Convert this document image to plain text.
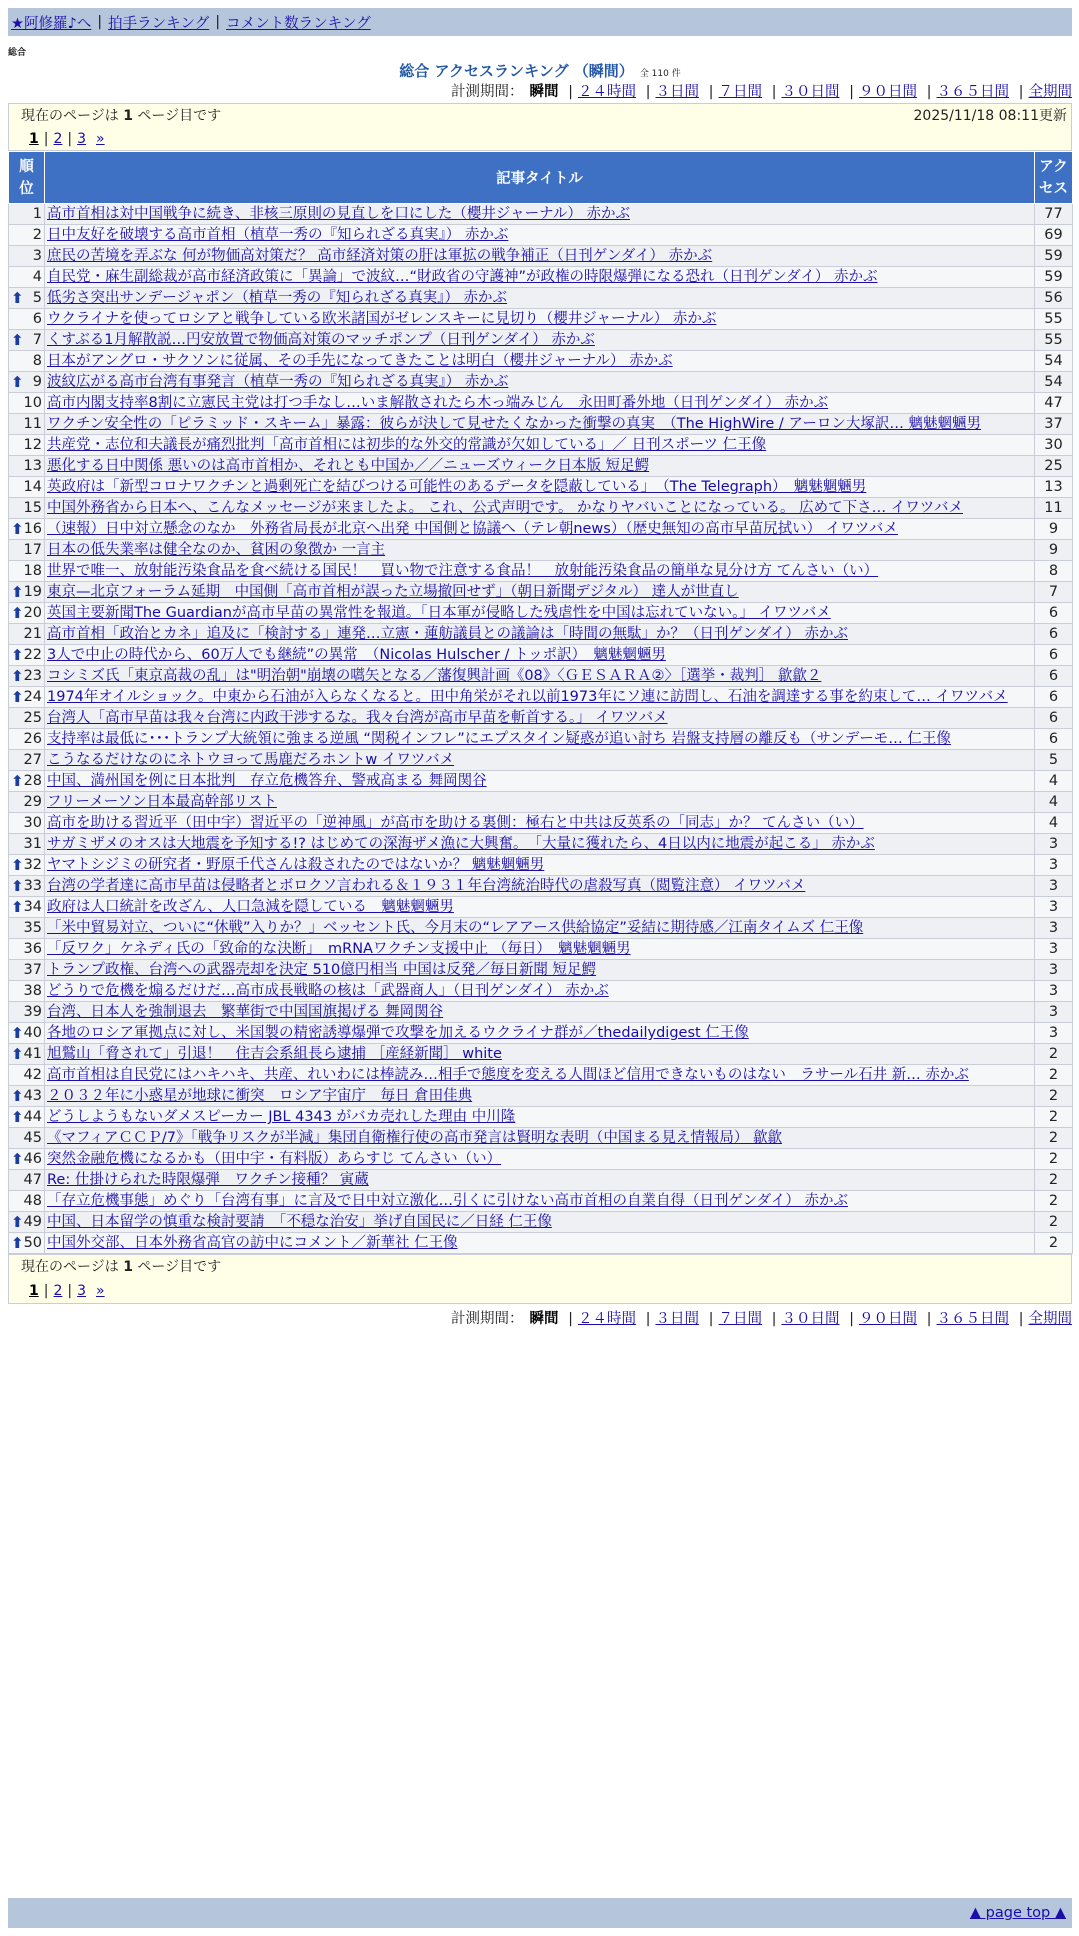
★阿修羅♪へ | 拍手ランキング | コメント数ランキング
総合
総合 アクセスランキング （瞬間） 全 110 件
計測期間： 瞬間 | ２４時間 | ３日間 | ７日間 | ３０日間 | ９０日間 | ３６５日間 | 全期間
現在のページは 1 ページ目です	2025/11/18 08:11更新
1 | 2 | 3 »
順位	記事タイトル	アクセス

1	高市首相は対中国戦争に続き、非核三原則の見直しを口にした（櫻井ジャーナル） 赤かぶ	77

2	日中友好を破壊する高市首相（植草一秀の『知られざる真実』） 赤かぶ	69

3	庶民の苦境を弄ぶな 何が物価高対策だ？ 高市経済対策の肝は軍拡の戦争補正（日刊ゲンダイ） 赤かぶ	59

4	自民党・麻生副総裁が高市経済政策に「異論」で波紋…“財政省の守護神”が政権の時限爆弾になる恐れ（日刊ゲンダイ） 赤かぶ	59

⬆ 5	低劣さ突出サンデージャポン（植草一秀の『知られざる真実』） 赤かぶ	56

6	ウクライナを使ってロシアと戦争している欧米諸国がゼレンスキーに見切り（櫻井ジャーナル） 赤かぶ	55

⬆ 7	くすぶる1月解散説…円安放置で物価高対策のマッチポンプ（日刊ゲンダイ） 赤かぶ	55

8	日本がアングロ・サクソンに従属、その手先になってきたことは明白（櫻井ジャーナル） 赤かぶ	54

⬆ 9	波紋広がる高市台湾有事発言（植草一秀の『知られざる真実』） 赤かぶ	54

10	高市内閣支持率8割に立憲民主党は打つ手なし…いま解散されたら木っ端みじん　永田町番外地（日刊ゲンダイ） 赤かぶ	47

11	ワクチン安全性の「ピラミッド・スキーム」暴露：彼らが決して見せたくなかった衝撃の真実　（The HighWire / アーロン大塚訳… 魑魅魍魎男	37

12	共産党・志位和夫議長が痛烈批判「高市首相には初歩的な外交的常識が欠如している」／ 日刊スポーツ 仁王像	30

13	悪化する日中関係 悪いのは高市首相か、それとも中国か／／ニューズウィーク日本版 短足鰐	25

14	英政府は「新型コロナワクチンと過剰死亡を結びつける可能性のあるデータを隠蔽している」　（The Telegraph）　魑魅魍魎男	13

15	中国外務省から日本へ、こんなメッセージが来ましたよ。 これ、公式声明です。 かなりヤバいことになっている。 広めて下さ… イワツバメ	11

⬆ 16	（速報）日中対立懸念のなか　外務省局長が北京へ出発 中国側と協議へ（テレ朝news）（歴史無知の高市早苗尻拭い） イワツバメ	9

17	日本の低失業率は健全なのか、貧困の象徴か 一言主	9

18	世界で唯一、放射能汚染食品を食べ続ける国民！　買い物で注意する食品！　放射能汚染食品の簡単な見分け方 てんさい（い）	8

⬆ 19	東京—北京フォーラム延期　中国側「高市首相が誤った立場撤回せず」（朝日新聞デジタル） 達人が世直し	7

⬆ 20	英国主要新聞The Guardianが高市早苗の異常性を報道。「日本軍が侵略した残虐性を中国は忘れていない。」 イワツバメ	6

21	高市首相「政治とカネ」追及に「検討する」連発…立憲・蓮舫議員との議論は「時間の無駄」か？（日刊ゲンダイ） 赤かぶ	6

⬆ 22	3人で中止の時代から、60万人でも継続”の異常　（Nicolas Hulscher / トッポ訳）　魑魅魍魎男	6

⬆ 23	コシミズ氏「東京高裁の乱」は"明治朝"崩壊の嚆矢となる／藩復興計画《08》〈ＧＥＳＡＲＡ②〉［選挙・裁判］ 歙歙２	6

⬆ 24	1974年オイルショック。中東から石油が入らなくなると。田中角栄がそれ以前1973年にソ連に訪問し、石油を調達する事を約束して… イワツバメ	6

25	台湾人「高市早苗は我々台湾に内政干渉するな。我々台湾が高市早苗を斬首する。」 イワツバメ	6

26	支持率は最低に･･･トランプ大統領に強まる逆風 “関税インフレ”にエプスタイン疑惑が追い討ち 岩盤支持層の離反も（サンデーモ… 仁王像	6

27	こうなるだけなのにネトウヨって馬鹿だろホントw イワツバメ	5

⬆ 28	中国、満州国を例に日本批判　存立危機答弁、警戒高まる 舞岡関谷	4

29	フリーメーソン日本最高幹部リスト	4

30	高市を助ける習近平（田中宇）習近平の「逆神風」が高市を助ける裏側：極右と中共は反英系の「同志」か？ てんさい（い）	4

31	サガミザメのオスは大地震を予知する!? はじめての深海ザメ漁に大興奮。　「大量に獲れたら、4日以内に地震が起こる」 赤かぶ	3

⬆ 32	ヤマトシジミの研究者・野原千代さんは殺されたのではないか？ 魑魅魍魎男	3

⬆ 33	台湾の学者達に高市早苗は侵略者とボロクソ言われる＆１９３１年台湾統治時代の虐殺写真（閲覧注意） イワツバメ	3

⬆ 34	政府は人口統計を改ざん、人口急減を隠している　魑魅魍魎男	3

35	「米中貿易対立、ついに“休戦”入りか？」ベッセント氏、今月末の“レアアース供給協定”妥結に期待感／江南タイムズ 仁王像	3

36	「反ワク」ケネディ氏の「致命的な決断」　mRNAワクチン支援中止 （毎日）　魑魅魍魎男	3

37	トランプ政権、台湾への武器売却を決定 510億円相当 中国は反発／毎日新聞 短足鰐	3

38	どうりで危機を煽るだけだ…高市成長戦略の核は「武器商人」（日刊ゲンダイ） 赤かぶ	3

39	台湾、日本人を強制退去　繁華街で中国国旗掲げる 舞岡関谷	3

⬆ 40	各地のロシア軍拠点に対し、米国製の精密誘導爆弾で攻撃を加えるウクライナ群が／thedailydigest 仁王像	3

⬆ 41	旭鷲山「脅されて」引退！　住吉会系組長ら逮捕 ［産経新聞］ white	2

42	高市首相は自民党にはハキハキ、共産、れいわには棒読み…相手で態度を変える人間ほど信用できないものはない　ラサール石井 新… 赤かぶ	2

⬆ 43	２０３２年に小惑星が地球に衝突　ロシア宇宙庁　毎日 倉田佳典	2

⬆ 44	どうしようもないダメスピーカー JBL 4343 がバカ売れした理由 中川隆	2

45	《マフィアＣＣＰ/7》「戦争リスクが半減」集団自衛権行使の高市発言は賢明な表明（中国まる見え情報局） 歙歙	2

⬆ 46	突然金融危機になるかも（田中宇・有料版）あらすじ てんさい（い）	2

47	Re: 仕掛けられた時限爆弾　ワクチン接種？ 寅蔵	2

48	「存立危機事態」めぐり「台湾有事」に言及で日中対立激化…引くに引けない高市首相の自業自得（日刊ゲンダイ） 赤かぶ	2

⬆ 49	中国、日本留学の慎重な検討要請　「不穏な治安」挙げ自国民に／日経 仁王像	2

⬆ 50	中国外交部、日本外務省高官の訪中にコメント／新華社 仁王像	2
現在のページは 1 ページ目です
1 | 2 | 3 »
計測期間： 瞬間 | ２４時間 | ３日間 | ７日間 | ３０日間 | ９０日間 | ３６５日間 | 全期間
▲ page top ▲
